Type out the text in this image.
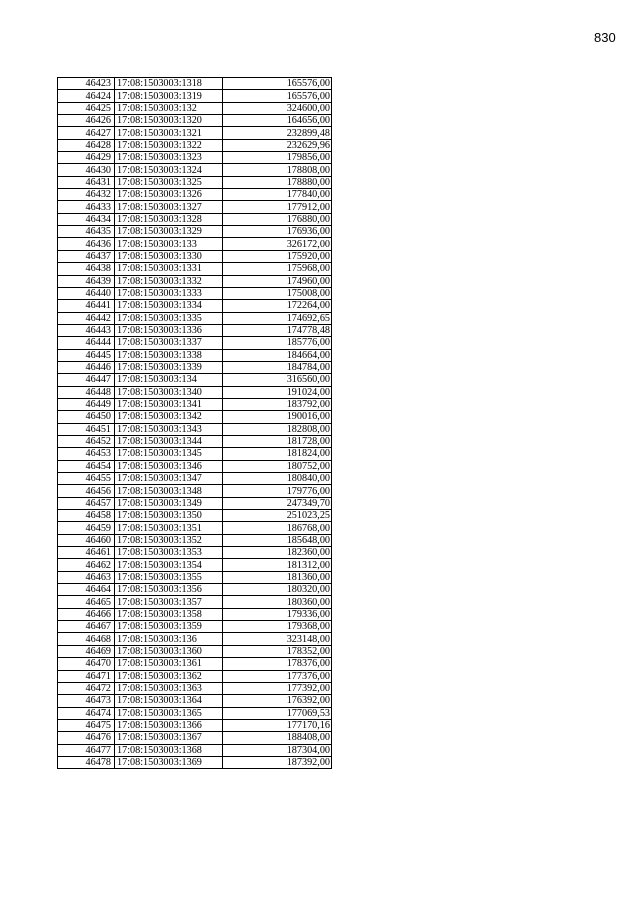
830
46423	17:08:1503003:1318	165576,00
46424	17:08:1503003:1319	165576,00
46425	17:08:1503003:132	324600,00
46426	17:08:1503003:1320	164656,00
46427	17:08:1503003:1321	232899,48
46428	17:08:1503003:1322	232629,96
46429	17:08:1503003:1323	179856,00
46430	17:08:1503003:1324	178808,00
46431	17:08:1503003:1325	178880,00
46432	17:08:1503003:1326	177840,00
46433	17:08:1503003:1327	177912,00
46434	17:08:1503003:1328	176880,00
46435	17:08:1503003:1329	176936,00
46436	17:08:1503003:133	326172,00
46437	17:08:1503003:1330	175920,00
46438	17:08:1503003:1331	175968,00
46439	17:08:1503003:1332	174960,00
46440	17:08:1503003:1333	175008,00
46441	17:08:1503003:1334	172264,00
46442	17:08:1503003:1335	174692,65
46443	17:08:1503003:1336	174778,48
46444	17:08:1503003:1337	185776,00
46445	17:08:1503003:1338	184664,00
46446	17:08:1503003:1339	184784,00
46447	17:08:1503003:134	316560,00
46448	17:08:1503003:1340	191024,00
46449	17:08:1503003:1341	183792,00
46450	17:08:1503003:1342	190016,00
46451	17:08:1503003:1343	182808,00
46452	17:08:1503003:1344	181728,00
46453	17:08:1503003:1345	181824,00
46454	17:08:1503003:1346	180752,00
46455	17:08:1503003:1347	180840,00
46456	17:08:1503003:1348	179776,00
46457	17:08:1503003:1349	247349,70
46458	17:08:1503003:1350	251023,25
46459	17:08:1503003:1351	186768,00
46460	17:08:1503003:1352	185648,00
46461	17:08:1503003:1353	182360,00
46462	17:08:1503003:1354	181312,00
46463	17:08:1503003:1355	181360,00
46464	17:08:1503003:1356	180320,00
46465	17:08:1503003:1357	180360,00
46466	17:08:1503003:1358	179336,00
46467	17:08:1503003:1359	179368,00
46468	17:08:1503003:136	323148,00
46469	17:08:1503003:1360	178352,00
46470	17:08:1503003:1361	178376,00
46471	17:08:1503003:1362	177376,00
46472	17:08:1503003:1363	177392,00
46473	17:08:1503003:1364	176392,00
46474	17:08:1503003:1365	177069,53
46475	17:08:1503003:1366	177170,16
46476	17:08:1503003:1367	188408,00
46477	17:08:1503003:1368	187304,00
46478	17:08:1503003:1369	187392,00
